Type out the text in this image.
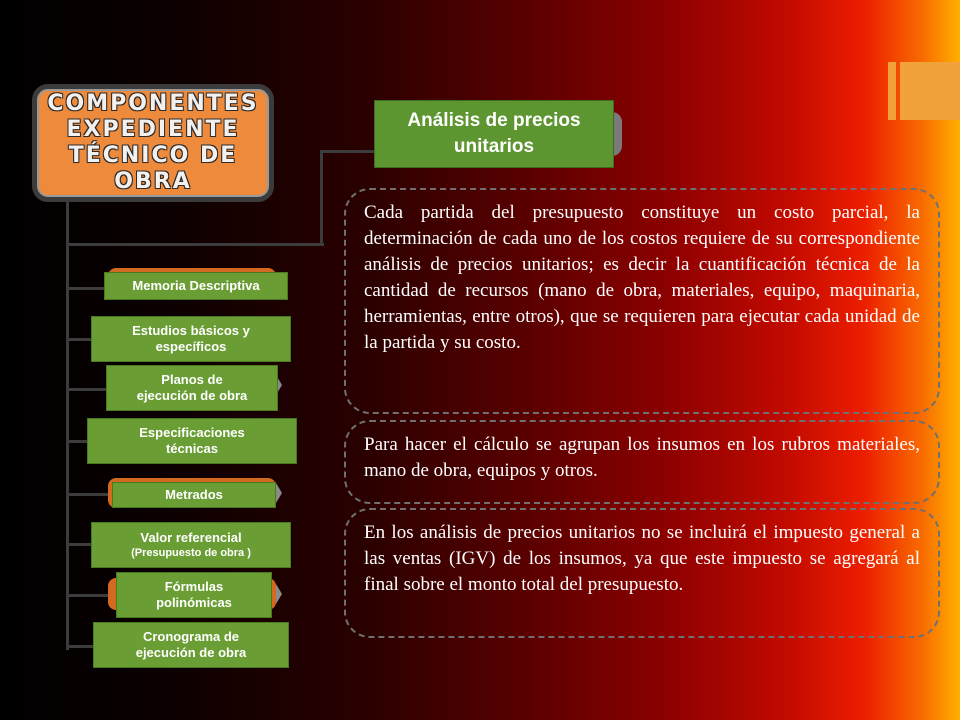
COMPONENTES
EXPEDIENTE
TÉCNICO DE
OBRA
Análisis de precios
unitarios
Memoria Descriptiva
Estudios básicos y
específicos
Planos de
ejecución de obra
Especificaciones
técnicas
Metrados
Valor referencial
(Presupuesto de obra )
Fórmulas
polinómicas
Cronograma de
ejecución de obra
Cada partida del presupuesto constituye un costo parcial, la determinación de cada uno de los costos requiere de su correspondiente análisis de precios unitarios; es decir la cuantificación técnica de la cantidad de recursos (mano de obra, materiales, equipo, maquinaria, herramientas, entre otros), que se requieren para ejecutar cada unidad de la partida y su costo.
Para hacer el cálculo se agrupan los insumos en los rubros materiales, mano de obra, equipos y otros.
En los análisis de precios unitarios no se incluirá el impuesto general a las ventas (IGV) de los insumos, ya que este impuesto se agregará al final sobre el monto total del presupuesto.
